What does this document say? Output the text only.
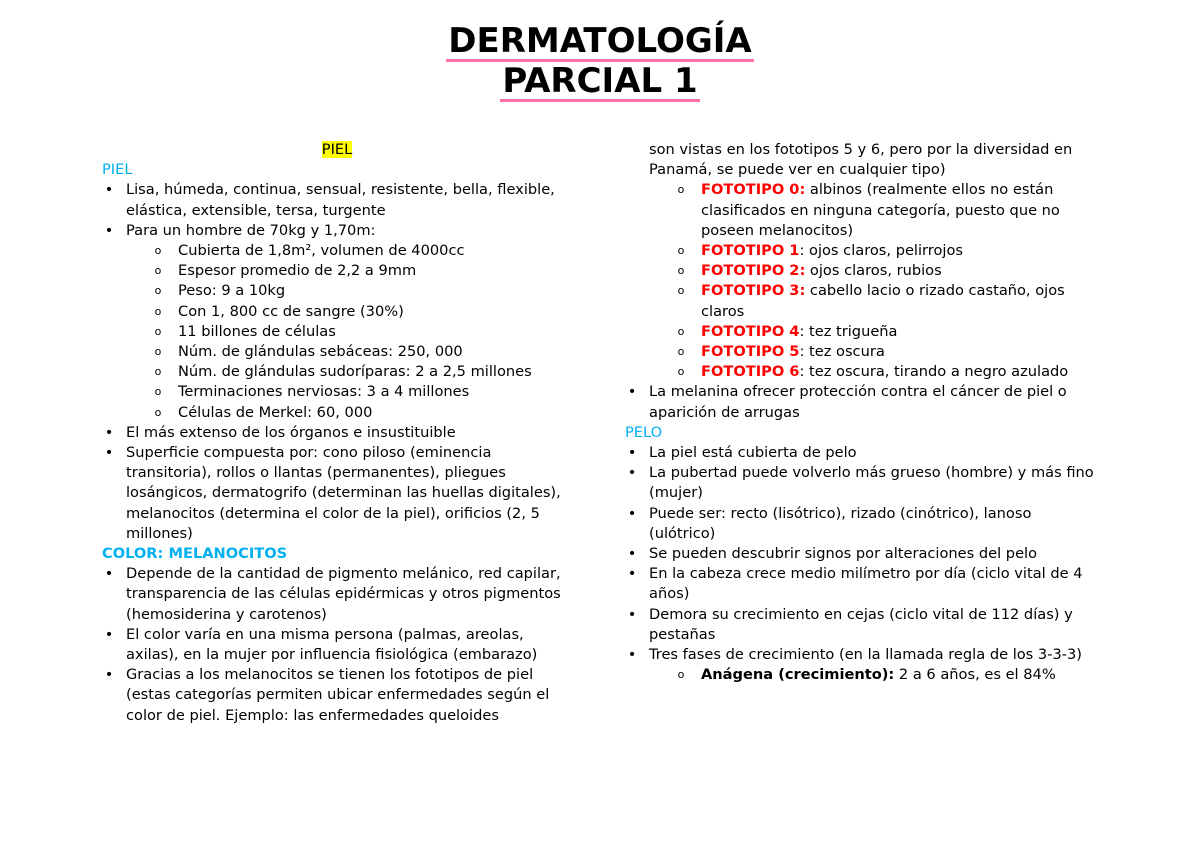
DERMATOLOGÍA
PARCIAL 1
PIEL
PIEL
• Lisa, húmeda, continua, sensual, resistente, bella, flexible, elástica, extensible, tersa, turgente
• Para un hombre de 70kg y 1,70m:
o Cubierta de 1,8m², volumen de 4000cc
o Espesor promedio de 2,2 a 9mm
o Peso: 9 a 10kg
o Con 1, 800 cc de sangre (30%)
o 11 billones de células
o Núm. de glándulas sebáceas: 250, 000
o Núm. de glándulas sudoríparas: 2 a 2,5 millones
o Terminaciones nerviosas: 3 a 4 millones
o Células de Merkel: 60, 000
• El más extenso de los órganos e insustituible
• Superficie compuesta por: cono piloso (eminencia transitoria), rollos o llantas (permanentes), pliegues losángicos, dermatogrifo (determinan las huellas digitales), melanocitos (determina el color de la piel), orificios (2, 5 millones)
COLOR: MELANOCITOS
• Depende de la cantidad de pigmento melánico, red capilar, transparencia de las células epidérmicas y otros pigmentos (hemosiderina y carotenos)
• El color varía en una misma persona (palmas, areolas, axilas), en la mujer por influencia fisiológica (embarazo)
• Gracias a los melanocitos se tienen los fototipos de piel (estas categorías permiten ubicar enfermedades según el color de piel. Ejemplo: las enfermedades queloides
son vistas en los fototipos 5 y 6, pero por la diversidad en Panamá, se puede ver en cualquier tipo)
o FOTOTIPO 0: albinos (realmente ellos no están clasificados en ninguna categoría, puesto que no poseen melanocitos)
o FOTOTIPO 1: ojos claros, pelirrojos
o FOTOTIPO 2: ojos claros, rubios
o FOTOTIPO 3: cabello lacio o rizado castaño, ojos claros
o FOTOTIPO 4: tez trigueña
o FOTOTIPO 5: tez oscura
o FOTOTIPO 6: tez oscura, tirando a negro azulado
• La melanina ofrecer protección contra el cáncer de piel o aparición de arrugas
PELO
• La piel está cubierta de pelo
• La pubertad puede volverlo más grueso (hombre) y más fino (mujer)
• Puede ser: recto (lisótrico), rizado (cinótrico), lanoso (ulótrico)
• Se pueden descubrir signos por alteraciones del pelo
• En la cabeza crece medio milímetro por día (ciclo vital de 4 años)
• Demora su crecimiento en cejas (ciclo vital de 112 días) y pestañas
• Tres fases de crecimiento (en la llamada regla de los 3-3-3)
o Anágena (crecimiento): 2 a 6 años, es el 84%
